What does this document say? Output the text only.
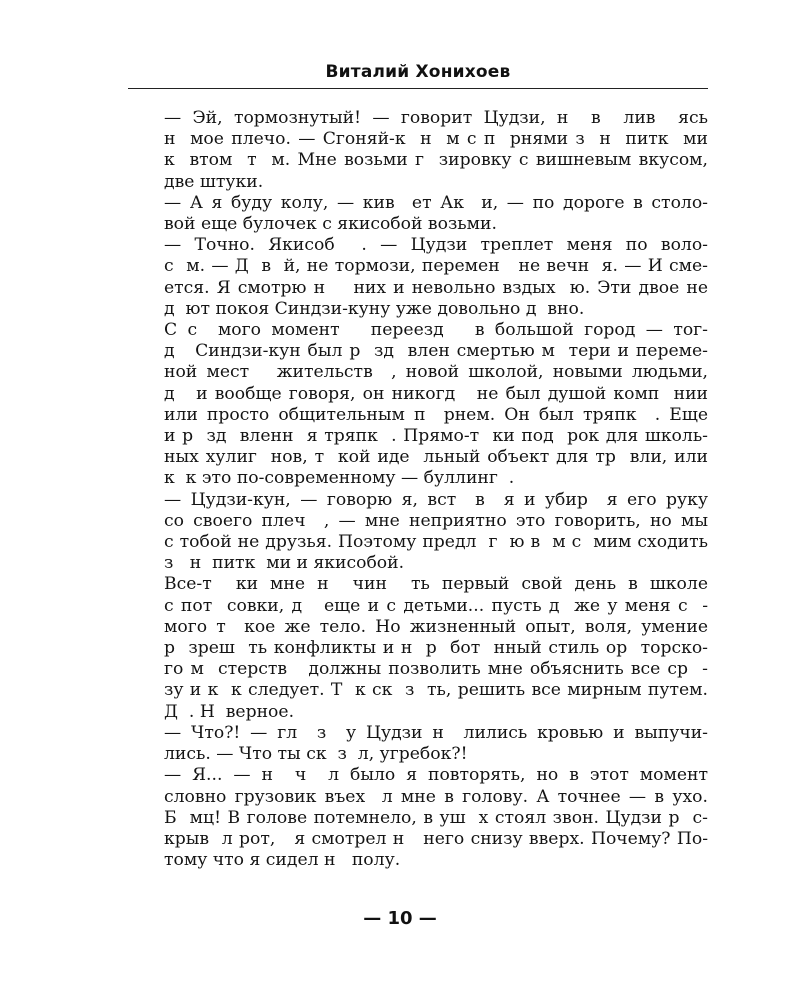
Виталий Хонихоев

— Эй, тормознутый! — говорит Цудзи, н  в  лив  ясь
н  мое плечо. — Сгоняй-к  н  м с п  рнями з  н  питк  ми
к  втом  т  м. Мне возьми г  зировку с вишневым вкусом,
две штуки.

— А я буду колу, — кив  ет Ак  и, — по дороге в столо-
вой еще булочек с якисобой возьми.

— Точно. Якисоб  . — Цудзи треплет меня по воло-
с  м. — Д  в  й, не тормози, перемен   не вечн  я. — И сме-
ется. Я смотрю н    них и невольно вздых  ю. Эти двое не
д  ют покоя Синдзи-куну уже довольно д  вно.

С с  мого момент   переезд   в большой город — тог-
д   Синдзи-кун был р  зд  влен смертью м  тери и переме-
ной мест   жительств  , новой школой, новыми людьми,
д   и вообще говоря, он никогд   не был душой комп  нии
или просто общительным п  рнем. Он был тряпк  . Еще
и р  зд  вленн  я тряпк  . Прямо-т  ки под  рок для школь-
ных хулиг  нов, т  кой иде  льный объект для тр  вли, или
к  к это по-современному — буллинг  .

— Цудзи-кун, — говорю я, вст  в  я и убир  я его руку
со своего плеч  , — мне неприятно это говорить, но мы
с тобой не друзья. Поэтому предл  г  ю в  м с  мим сходить
з   н  питк  ми и якисобой.

Все-т  ки мне н  чин  ть первый свой день в школе
с пот  совки, д   еще и с детьми... пусть д  же у меня с  -
мого т  кое же тело. Но жизненный опыт, воля, умение
р  зреш  ть конфликты и н  р  бот  нный стиль ор  торско-
го м  стерств   должны позволить мне объяснить все ср  -
зу и к  к следует. Т  к ск  з  ть, решить все мирным путем.
Д  . Н  верное.

— Что?! — гл  з  у Цудзи н  лились кровью и выпучи-
лись. — Что ты ск  з  л, угребок?!

— Я... — н  ч  л было я повторять, но в этот момент
словно грузовик въех  л мне в голову. А точнее — в ухо.
Б  мц! В голове потемнело, в уш  х стоял звон. Цудзи р  с-
крыв  л рот,   я смотрел н   него снизу вверх. Почему? По-
тому что я сидел н   полу.

— 10 —
